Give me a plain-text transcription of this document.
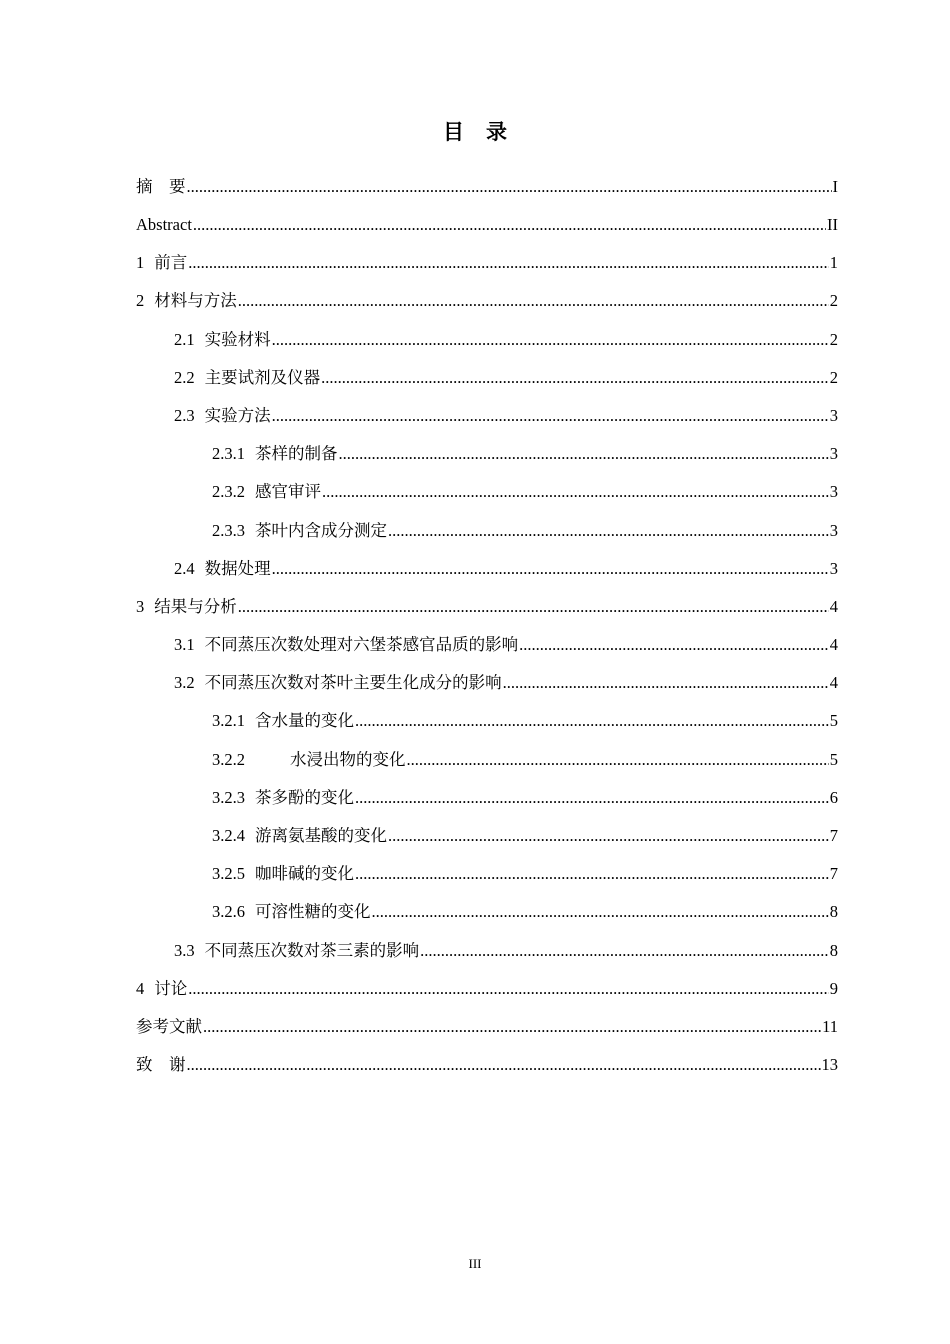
目 录
摘　要 .....	I
Abstract .....	II
1 前言 .....	1
2 材料与方法 .....	2
2.1 实验材料 .....	2
2.2 主要试剂及仪器 .....	2
2.3 实验方法 .....	3
2.3.1 茶样的制备 .....	3
2.3.2 感官审评 .....	3
2.3.3 茶叶内含成分测定 .....	3
2.4 数据处理 .....	3
3 结果与分析 .....	4
3.1 不同蒸压次数处理对六堡茶感官品质的影响 .....	4
3.2 不同蒸压次数对茶叶主要生化成分的影响 .....	4
3.2.1 含水量的变化 .....	5
3.2.2	水浸出物的变化 .....	5
3.2.3 茶多酚的变化 .....	6
3.2.4 游离氨基酸的变化 .....	7
3.2.5 咖啡碱的变化 .....	7
3.2.6 可溶性糖的变化 .....	8
3.3 不同蒸压次数对茶三素的影响 .....	8
4 讨论 .....	9
参考文献 .....	11
致　谢 .....	13
III
